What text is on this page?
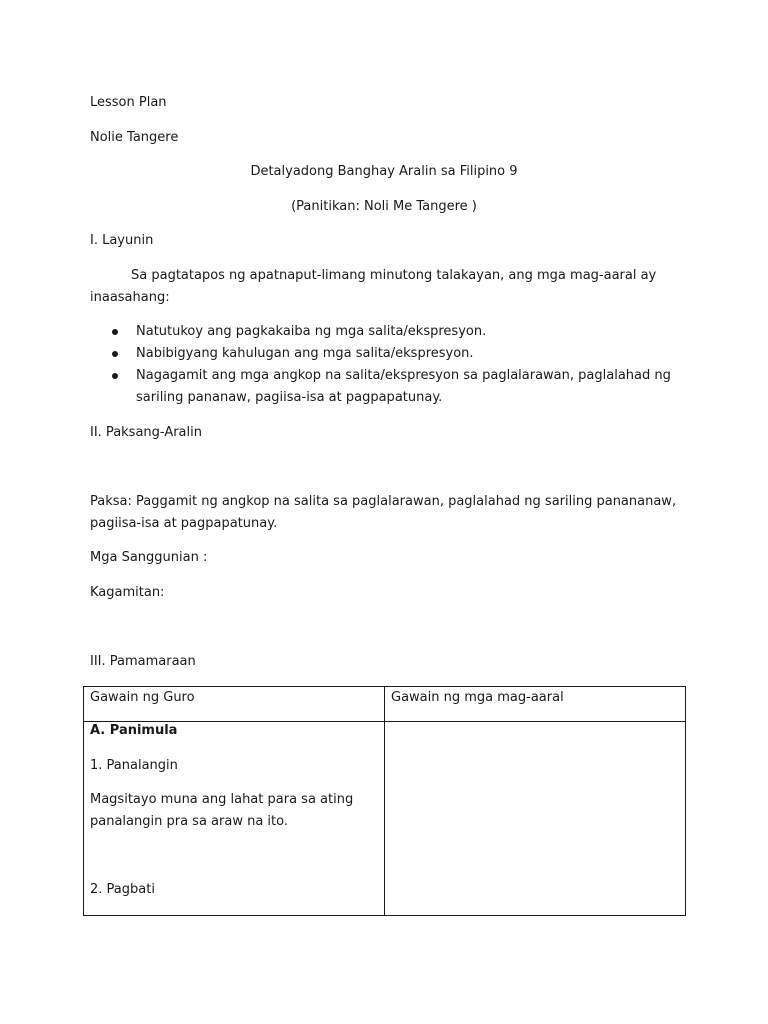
Lesson Plan
Nolie Tangere
Detalyadong Banghay Aralin sa Filipino 9
(Panitikan: Noli Me Tangere )
I. Layunin
Sa pagtatapos ng apatnaput-limang minutong talakayan, ang mga mag-aaral ay
inaasahang:
Natutukoy ang pagkakaiba ng mga salita/ekspresyon.
Nabibigyang kahulugan ang mga salita/ekspresyon.
Nagagamit ang mga angkop na salita/ekspresyon sa paglalarawan, paglalahad ng sariling pananaw, pagiisa-isa at pagpapatunay.
II. Paksang-Aralin
Paksa: Paggamit ng angkop na salita sa paglalarawan, paglalahad ng sariling panananaw,
pagiisa-isa at pagpapatunay.
Mga Sanggunian :
Kagamitan:
III. Pamamaraan
Gawain ng Guro	Gawain ng mga mag-aaral

A. Panimula
1. Panalangin
Magsitayo muna ang lahat para sa ating
panalangin pra sa araw na ito.
2. Pagbati	
